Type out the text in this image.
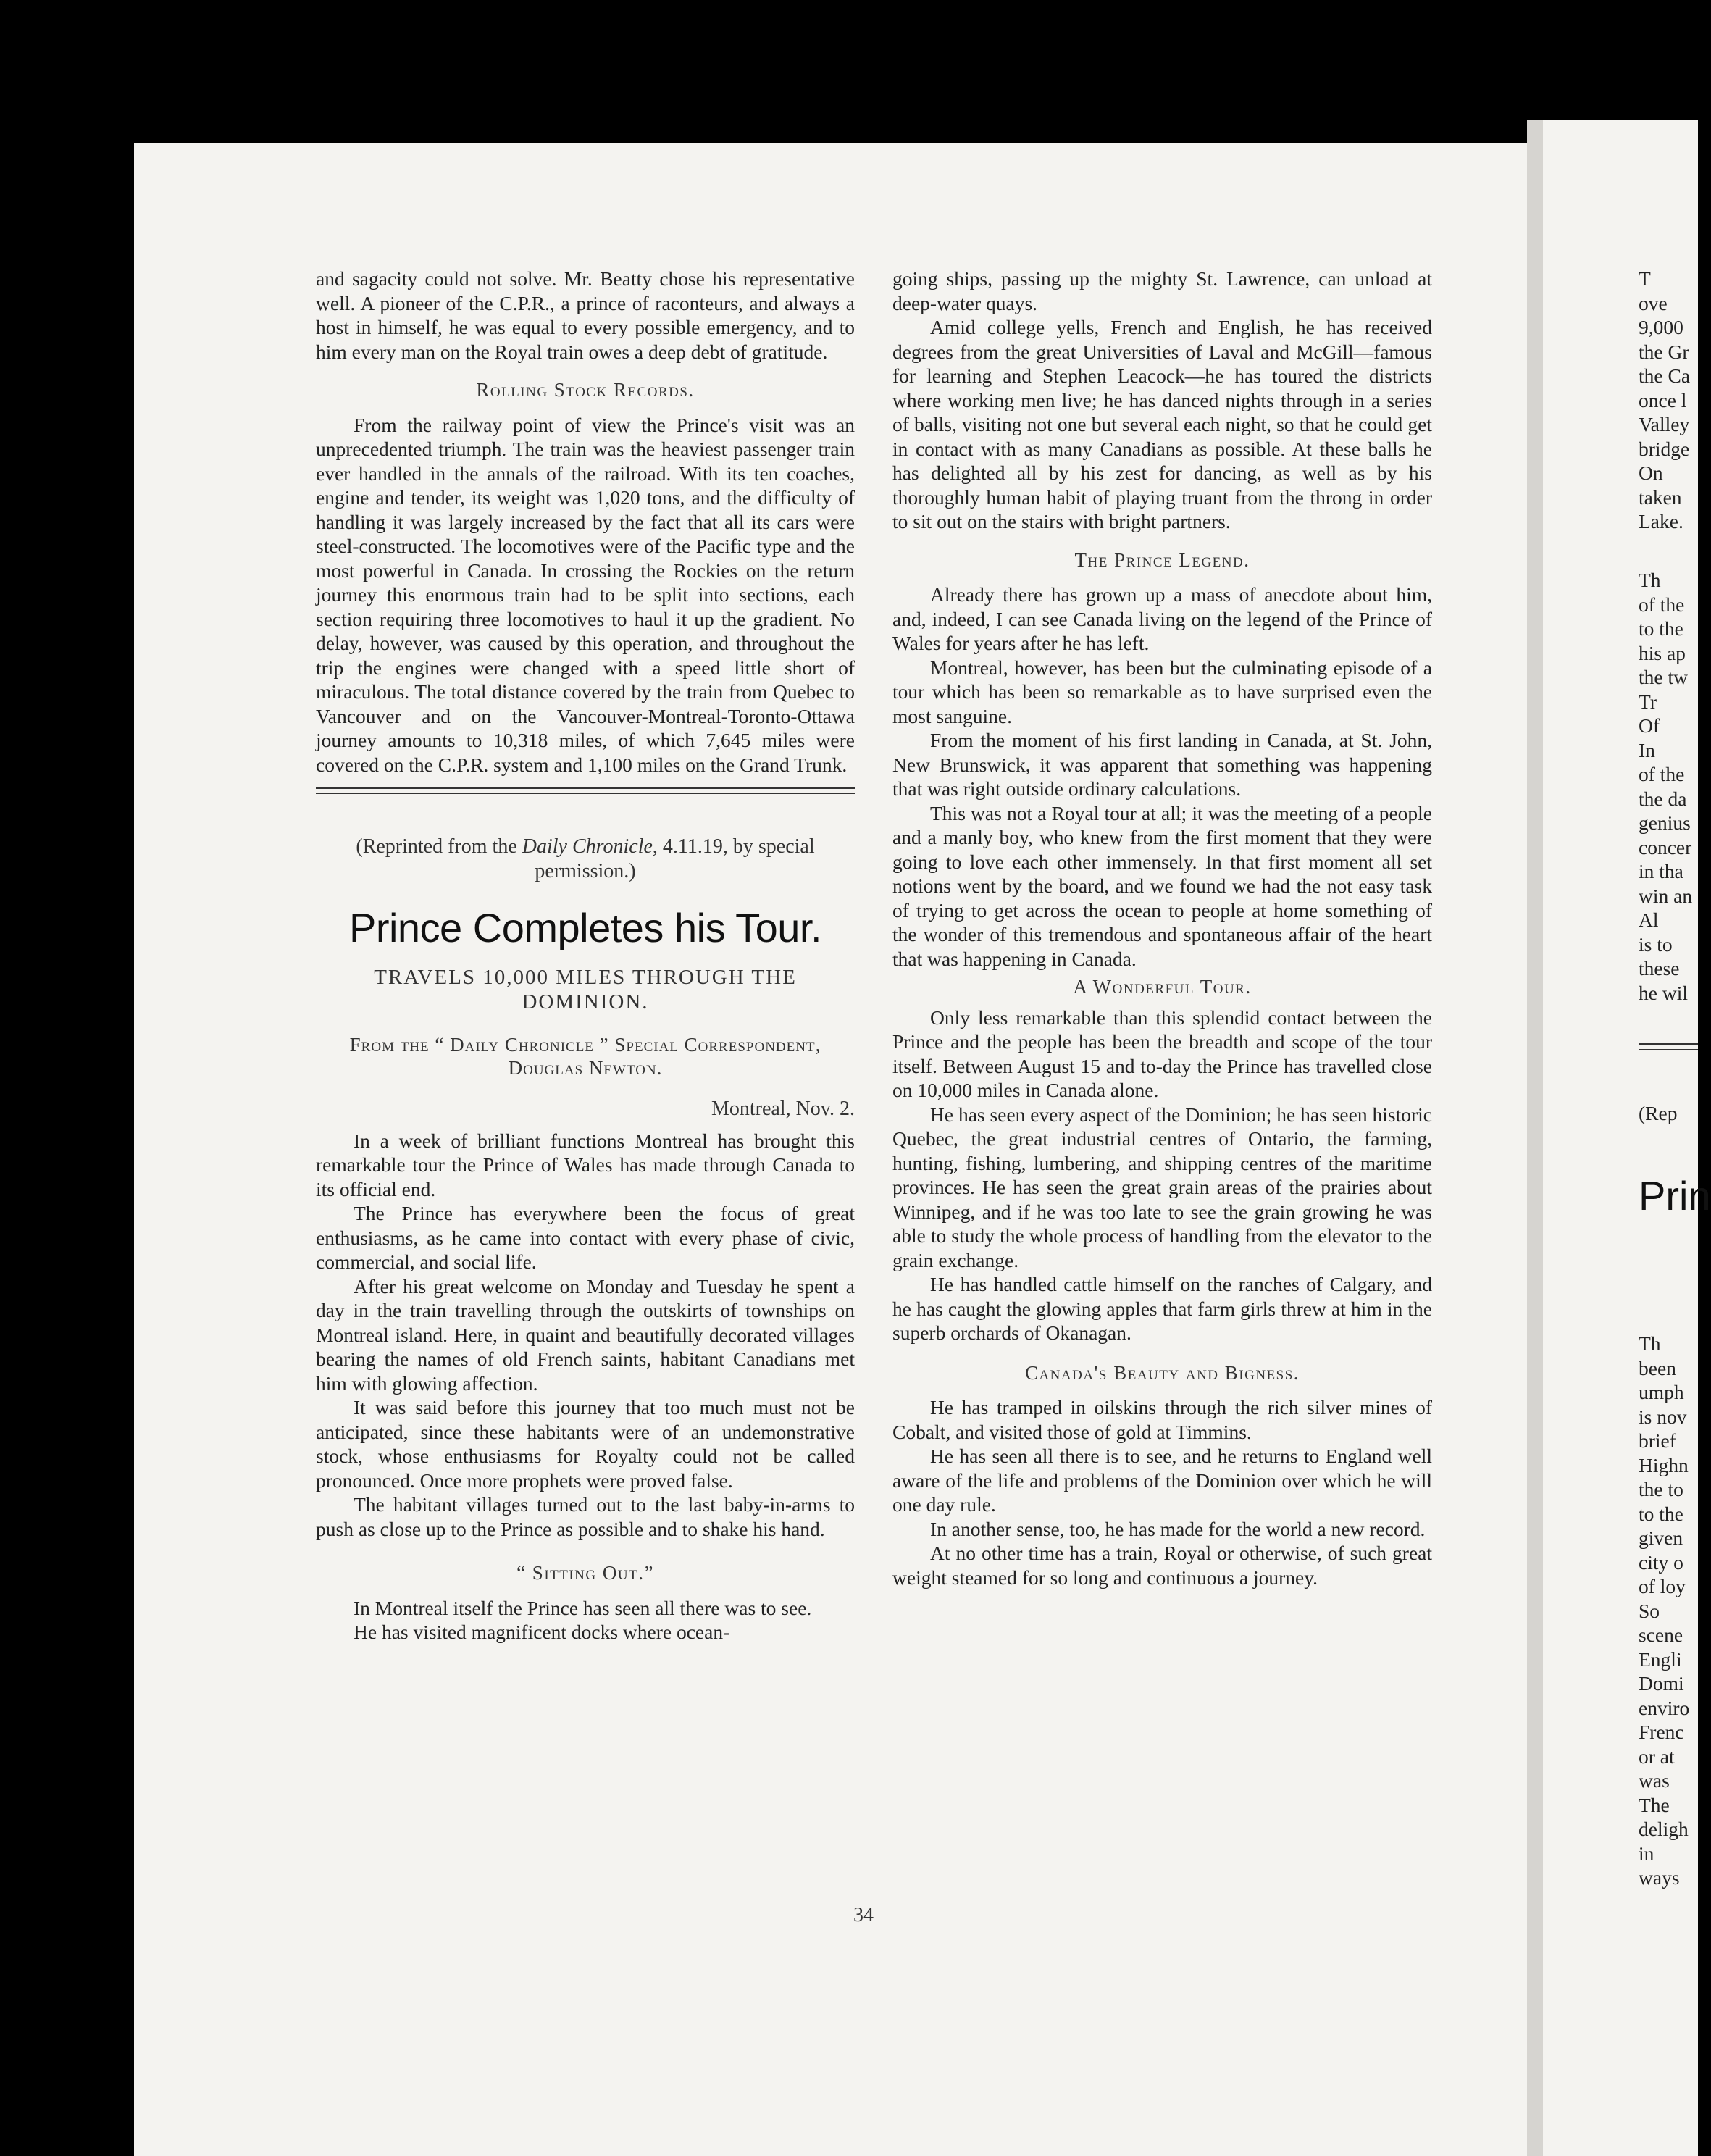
and sagacity could not solve. Mr. Beatty chose his representative well. A pioneer of the C.P.R., a prince of raconteurs, and always a host in himself, he was equal to every possible emergency, and to him every man on the Royal train owes a deep debt of gratitude.

Rolling Stock Records.

From the railway point of view the Prince's visit was an unprecedented triumph. The train was the heaviest passenger train ever handled in the annals of the railroad. With its ten coaches, engine and tender, its weight was 1,020 tons, and the difficulty of handling it was largely increased by the fact that all its cars were steel-constructed. The locomotives were of the Pacific type and the most powerful in Canada. In crossing the Rockies on the return journey this enormous train had to be split into sections, each section requiring three locomotives to haul it up the gradient. No delay, however, was caused by this operation, and throughout the trip the engines were changed with a speed little short of miraculous. The total distance covered by the train from Quebec to Vancouver and on the Vancouver-Montreal-Toronto-Ottawa journey amounts to 10,318 miles, of which 7,645 miles were covered on the C.P.R. system and 1,100 miles on the Grand Trunk.

(Reprinted from the Daily Chronicle, 4.11.19, by special permission.)
Prince Completes his Tour.
TRAVELS 10,000 MILES THROUGH THE DOMINION.
From the “ Daily Chronicle ” Special Correspondent, Douglas Newton.
Montreal, Nov. 2.

In a week of brilliant functions Montreal has brought this remarkable tour the Prince of Wales has made through Canada to its official end.

The Prince has everywhere been the focus of great enthusiasms, as he came into contact with every phase of civic, commercial, and social life.

After his great welcome on Monday and Tuesday he spent a day in the train travelling through the outskirts of townships on Montreal island. Here, in quaint and beautifully decorated villages bearing the names of old French saints, habitant Canadians met him with glowing affection.

It was said before this journey that too much must not be anticipated, since these habitants were of an undemonstrative stock, whose enthusiasms for Royalty could not be called pronounced. Once more prophets were proved false.

The habitant villages turned out to the last baby-in-arms to push as close up to the Prince as possible and to shake his hand.

“ Sitting Out.”

In Montreal itself the Prince has seen all there was to see.

He has visited magnificent docks where ocean-

going ships, passing up the mighty St. Lawrence, can unload at deep-water quays.

Amid college yells, French and English, he has received degrees from the great Universities of Laval and McGill—famous for learning and Stephen Leacock—he has toured the districts where working men live; he has danced nights through in a series of balls, visiting not one but several each night, so that he could get in contact with as many Canadians as possible. At these balls he has delighted all by his zest for dancing, as well as by his thoroughly human habit of playing truant from the throng in order to sit out on the stairs with bright partners.

The Prince Legend.

Already there has grown up a mass of anecdote about him, and, indeed, I can see Canada living on the legend of the Prince of Wales for years after he has left.

Montreal, however, has been but the culminating episode of a tour which has been so remarkable as to have surprised even the most sanguine.

From the moment of his first landing in Canada, at St. John, New Brunswick, it was apparent that something was happening that was right outside ordinary calculations.

This was not a Royal tour at all; it was the meeting of a people and a manly boy, who knew from the first moment that they were going to love each other immensely. In that first moment all set notions went by the board, and we found we had the not easy task of trying to get across the ocean to people at home something of the wonder of this tremendous and spontaneous affair of the heart that was happening in Canada.

A Wonderful Tour.

Only less remarkable than this splendid contact between the Prince and the people has been the breadth and scope of the tour itself. Between August 15 and to-day the Prince has travelled close on 10,000 miles in Canada alone.

He has seen every aspect of the Dominion; he has seen historic Quebec, the great industrial centres of Ontario, the farming, hunting, fishing, lumbering, and shipping centres of the maritime provinces. He has seen the great grain areas of the prairies about Winnipeg, and if he was too late to see the grain growing he was able to study the whole process of handling from the elevator to the grain exchange.

He has handled cattle himself on the ranches of Calgary, and he has caught the glowing apples that farm girls threw at him in the superb orchards of Okanagan.

Canada's Beauty and Bigness.

He has tramped in oilskins through the rich silver mines of Cobalt, and visited those of gold at Timmins.

He has seen all there is to see, and he returns to England well aware of the life and problems of the Dominion over which he will one day rule.

In another sense, too, he has made for the world a new record.

At no other time has a train, Royal or otherwise, of such great weight steamed for so long and continuous a journey.

34
T
ove
9,000
the Gr
the Ca
once l
Valley
bridge
On
taken
Lake.
Th
of the
to the
his ap
the tw
Tr
Of
In
of the
the da
genius
concer
in tha
win an
Al
is to
these
he wil
(Rep
Prin
Th
been
umph
is nov
brief
Highn
the to
to the
given
city o
of loy
So
scene
Engli
Domi
enviro
Frenc
or at
was
The
deligh
in
ways
